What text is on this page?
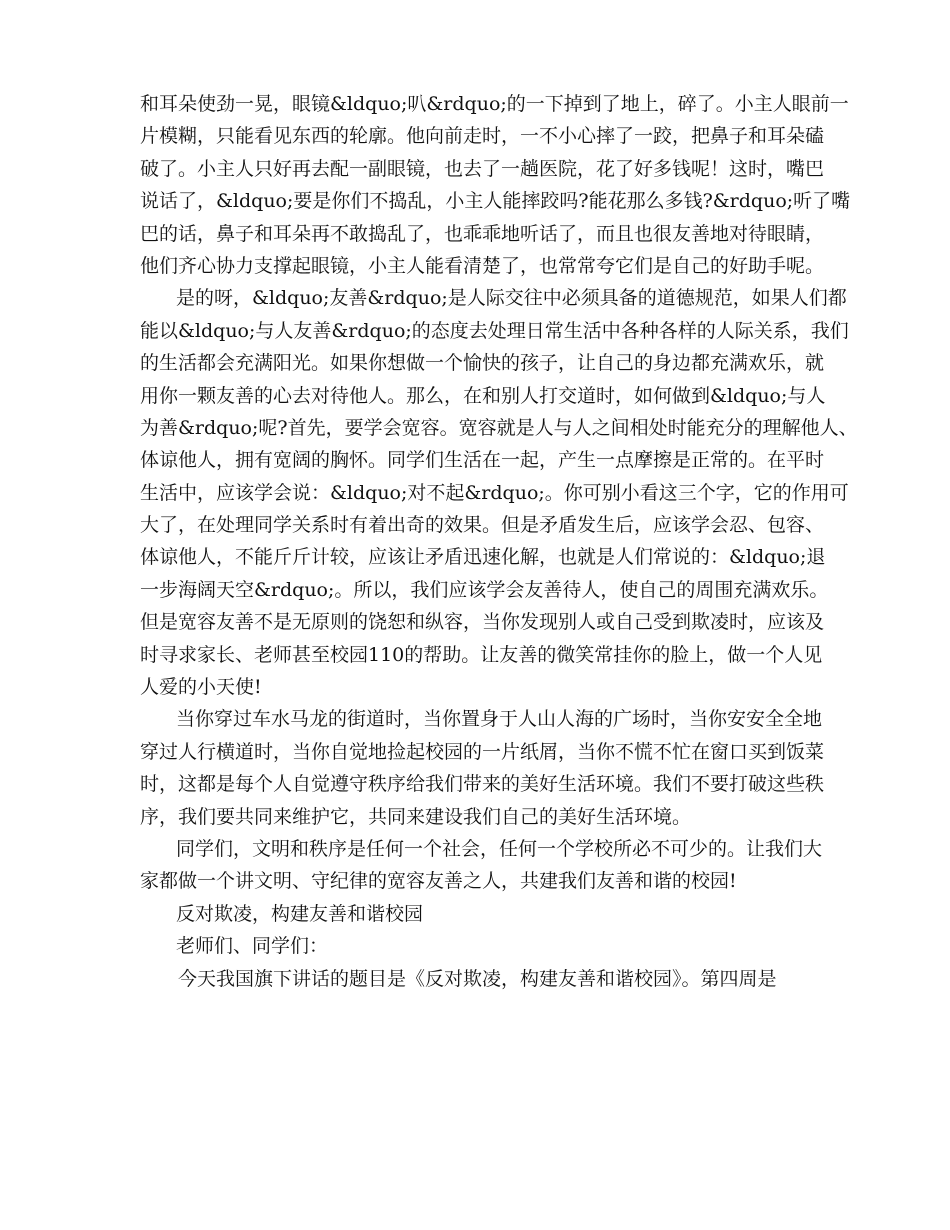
和耳朵使劲一晃，眼镜&ldquo;叭&rdquo;的一下掉到了地上，碎了。小主人眼前一
片模糊，只能看见东西的轮廓。他向前走时，一不小心摔了一跤，把鼻子和耳朵磕
破了。小主人只好再去配一副眼镜，也去了一趟医院，花了好多钱呢！这时，嘴巴
说话了，&ldquo;要是你们不捣乱，小主人能摔跤吗?能花那么多钱?&rdquo;听了嘴
巴的话，鼻子和耳朵再不敢捣乱了，也乖乖地听话了，而且也很友善地对待眼睛，
他们齐心协力支撑起眼镜，小主人能看清楚了，也常常夸它们是自己的好助手呢。
是的呀，&ldquo;友善&rdquo;是人际交往中必须具备的道德规范，如果人们都
能以&ldquo;与人友善&rdquo;的态度去处理日常生活中各种各样的人际关系，我们
的生活都会充满阳光。如果你想做一个愉快的孩子，让自己的身边都充满欢乐，就
用你一颗友善的心去对待他人。那么，在和别人打交道时，如何做到&ldquo;与人
为善&rdquo;呢?首先，要学会宽容。宽容就是人与人之间相处时能充分的理解他人、
体谅他人，拥有宽阔的胸怀。同学们生活在一起，产生一点摩擦是正常的。在平时
生活中，应该学会说：&ldquo;对不起&rdquo;。你可别小看这三个字，它的作用可
大了，在处理同学关系时有着出奇的效果。但是矛盾发生后，应该学会忍、包容、
体谅他人，不能斤斤计较，应该让矛盾迅速化解，也就是人们常说的：&ldquo;退
一步海阔天空&rdquo;。所以，我们应该学会友善待人，使自己的周围充满欢乐。
但是宽容友善不是无原则的饶恕和纵容，当你发现别人或自己受到欺凌时，应该及
时寻求家长、老师甚至校园110的帮助。让友善的微笑常挂你的脸上，做一个人见
人爱的小天使!
当你穿过车水马龙的街道时，当你置身于人山人海的广场时，当你安安全全地
穿过人行横道时，当你自觉地捡起校园的一片纸屑，当你不慌不忙在窗口买到饭菜
时，这都是每个人自觉遵守秩序给我们带来的美好生活环境。我们不要打破这些秩
序，我们要共同来维护它，共同来建设我们自己的美好生活环境。
同学们，文明和秩序是任何一个社会，任何一个学校所必不可少的。让我们大
家都做一个讲文明、守纪律的宽容友善之人，共建我们友善和谐的校园!
反对欺凌，构建友善和谐校园
老师们、同学们：
今天我国旗下讲话的题目是《反对欺凌，构建友善和谐校园》。第四周是
